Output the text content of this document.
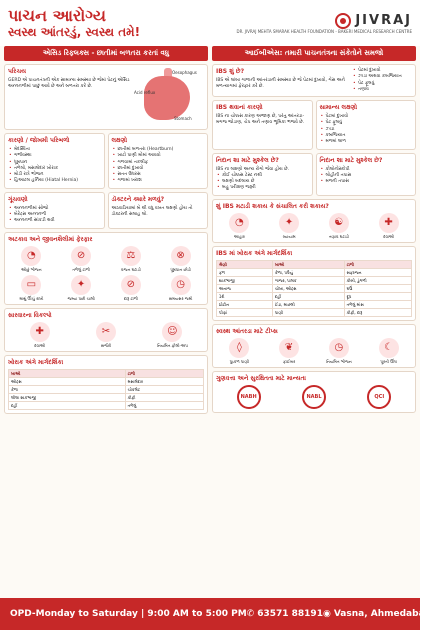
પાચન આરોગ્ય
સ્વસ્થ આંતરડું, સ્વસ્થ તમે!
JIVRAJ
DR. JIVRAJ MEHTA SMARAK HEALTH FOUNDATION - BAKERI MEDICAL RESEARCH CENTRE
એસિડ રિફ્લક્સ - છાતીમાં બળતરા કરતાં વધુ
પરિચય
GERD એ પાચનતંત્રની એક સામાન્ય સમસ્યા છે જેમાં પેટનું એસિડ અન્નનળીમાં પાછું આવે છે અને બળતરા કરે છે.
Oesophagus
Acid reflux
Stomach
કારણો / જોખમી પરિબળો
• મેદસ્વિતા
• ગર્ભાવસ્થા
• ધૂમ્રપાન
• તળેલો, મસાલેદાર ખોરાક
• મોડી રાત્રે ભોજન
• હિઆટલ હર્નિયા (Hiatal Hernia)
લક્ષણો
• છાતીમાં બળતરા (Heartburn)
• ખાટો પાણી મોંમાં આવવો
• ગળવામાં તકલીફ
• છાતીમાં દુખાવો
• સતત ઉધરસ
• ગળામાં ખરાશ
ગૂંચવણો
• અન્નનળીમાં સોજો
• બેરેટ્સ અન્નનળી
• અન્નનળી સાંકડી થવી
ડૉક્ટરને ક્યારે મળવું?
અઠવાડિયામાં બે થી વધુ વખત લક્ષણો હોય તો ડૉક્ટરની સલાહ લો.
અટકાવ અને જીવનશૈલીમાં ફેરફાર
◔
ઓછું ભોજન
⊘
તળેલું ટાળો
⚖
વજન ઘટાડો
⊗
ધૂમ્રપાન છોડો
▭
માથું ઊંચું રાખો
✦
જમ્યા પછી ચાલો
⊘
દારૂ ટાળો
◷
સમયસર જમો
સારવારના વિકલ્પો
✚
દવાઓ
✂
સર્જરી
☺
નિયમિત ફોલો-અપ
ખોરાક અંગે માર્ગદર્શિકા
ખાઓ	ટાળો
ઓટ્સ	મસાલેદાર
કેળા	ચોકલેટ
લીલા શાકભાજી	કોફી
દહીં	તળેલું
આઈબીએસ: તમારી પાચનતંત્રના સંકેતોને સમજો
IBS શું છે?
IBS એ લાંબા ગાળાની આંતરડાની સમસ્યા છે જે પેટમાં દુખાવો, ગેસ અને મળત્યાગમાં ફેરફાર કરે છે.
• પેટમાં દુખાવો
• ઝાડા અથવા કબજિયાત
• પેટ ફૂલવું
• તણાવ
IBS થવાનાં કારણો
IBS ના ચોક્કસ કારણ અજાણ છે, પરંતુ આંતરડા-મગજ જોડાણ, ચેપ અને તણાવ ભૂમિકા ભજવે છે.
સામાન્ય લક્ષણો
• પેટમાં દુખાવો
• પેટ ફૂલવું
• ઝાડા
• કબજિયાત
• મળમાં લાળ
નિદાન શા માટે મુશ્કેલ છે?
IBS ના લક્ષણો અન્ય રોગો જેવા હોય છે.
• કોઈ ચોક્કસ ટેસ્ટ નથી
• લક્ષણો બદલાય છે
• બહુ પરીક્ષણ જરૂરી
નિદાન શા માટે મુશ્કેલ છે?
• કોલોનોસ્કોપી
• લોહીની તપાસ
• મળની તપાસ
શું IBS મટાડી શકાય કે સંચાલિત કરી શકાય?
◔
આહાર
✦
વ્યાયામ
☯
તણાવ ઘટાડો
✚
દવાઓ
IBS માં ખોરાક અંગે માર્ગદર્શિકા
શ્રેણી	ખાઓ	ટાળો
ફળ	કેળા, પપૈયું	સફરજન
શાકભાજી	ગાજર, પાલક	કોબી, ડુંગળી
અનાજ	ચોખા, ઓટ્સ	ઘઉં
ડેરી	દહીં	દૂધ
પ્રોટીન	ઈંડા, માછલી	તળેલું માંસ
પીણાં	પાણી	કોફી, દારૂ
સ્વસ્થ આંતરડા માટે ટીપ્સ
◊
પુષ્કળ પાણી
❦
ફાઈબર
◷
નિયમિત ભોજન
☾
પૂરતી ઊંઘ
ગુણવત્તા અને સુરક્ષિતતા માટે માન્યતા
NABH	NABL	QCI
OPD-Monday to Saturday | 9:00 AM to 5:00 PM ✆ 63571 88191 ◉ Vasna, Ahmedabad
